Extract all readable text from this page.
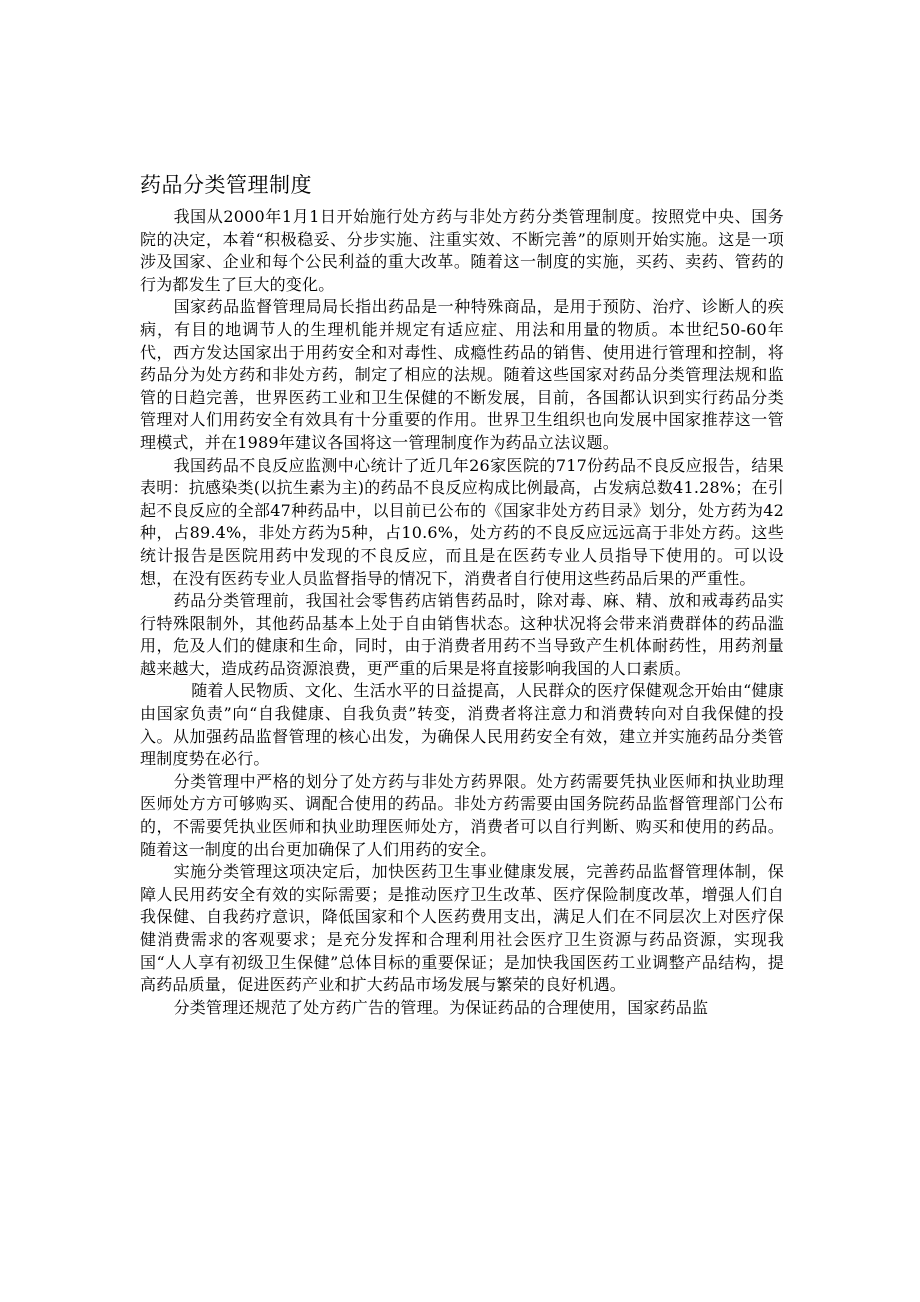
药品分类管理制度

我国从2000年1月1日开始施行处方药与非处方药分类管理制度。按照党中央、国务院的决定，本着“积极稳妥、分步实施、注重实效、不断完善”的原则开始实施。这是一项涉及国家、企业和每个公民利益的重大改革。随着这一制度的实施，买药、卖药、管药的行为都发生了巨大的变化。

国家药品监督管理局局长指出药品是一种特殊商品，是用于预防、治疗、诊断人的疾病，有目的地调节人的生理机能并规定有适应症、用法和用量的物质。本世纪50-60年代，西方发达国家出于用药安全和对毒性、成瘾性药品的销售、使用进行管理和控制，将药品分为处方药和非处方药，制定了相应的法规。随着这些国家对药品分类管理法规和监管的日趋完善，世界医药工业和卫生保健的不断发展，目前，各国都认识到实行药品分类管理对人们用药安全有效具有十分重要的作用。世界卫生组织也向发展中国家推荐这一管理模式，并在1989年建议各国将这一管理制度作为药品立法议题。

我国药品不良反应监测中心统计了近几年26家医院的717份药品不良反应报告，结果表明：抗感染类(以抗生素为主)的药品不良反应构成比例最高，占发病总数41.28%；在引起不良反应的全部47种药品中，以目前已公布的《国家非处方药目录》划分，处方药为42种，占89.4%，非处方药为5种，占10.6%，处方药的不良反应远远高于非处方药。这些统计报告是医院用药中发现的不良反应，而且是在医药专业人员指导下使用的。可以设想，在没有医药专业人员监督指导的情况下，消费者自行使用这些药品后果的严重性。

药品分类管理前，我国社会零售药店销售药品时，除对毒、麻、精、放和戒毒药品实行特殊限制外，其他药品基本上处于自由销售状态。这种状况将会带来消费群体的药品滥用，危及人们的健康和生命，同时，由于消费者用药不当导致产生机体耐药性，用药剂量越来越大，造成药品资源浪费，更严重的后果是将直接影响我国的人口素质。

随着人民物质、文化、生活水平的日益提高，人民群众的医疗保健观念开始由“健康由国家负责”向“自我健康、自我负责”转变，消费者将注意力和消费转向对自我保健的投入。从加强药品监督管理的核心出发，为确保人民用药安全有效，建立并实施药品分类管理制度势在必行。

分类管理中严格的划分了处方药与非处方药界限。处方药需要凭执业医师和执业助理医师处方方可够购买、调配合使用的药品。非处方药需要由国务院药品监督管理部门公布的，不需要凭执业医师和执业助理医师处方，消费者可以自行判断、购买和使用的药品。随着这一制度的出台更加确保了人们用药的安全。

实施分类管理这项决定后，加快医药卫生事业健康发展，完善药品监督管理体制，保障人民用药安全有效的实际需要；是推动医疗卫生改革、医疗保险制度改革，增强人们自我保健、自我药疗意识，降低国家和个人医药费用支出，满足人们在不同层次上对医疗保健消费需求的客观要求；是充分发挥和合理利用社会医疗卫生资源与药品资源，实现我国“人人享有初级卫生保健”总体目标的重要保证；是加快我国医药工业调整产品结构，提高药品质量，促进医药产业和扩大药品市场发展与繁荣的良好机遇。

分类管理还规范了处方药广告的管理。为保证药品的合理使用，国家药品监
